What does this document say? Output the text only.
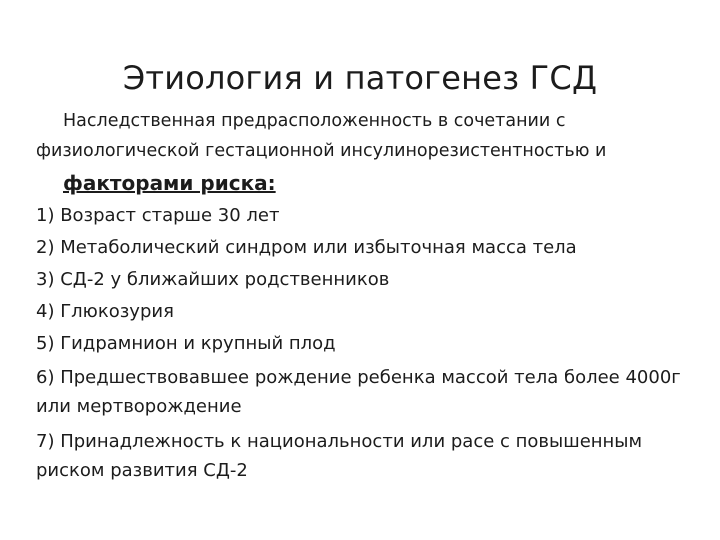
Этиология и патогенез ГСД
Наследственная предрасположенность в сочетании с
физиологической гестационной инсулинорезистентностью и
факторами риска:
1) Возраст старше 30 лет
2) Метаболический синдром или избыточная масса тела
3) СД-2 у ближайших родственников
4) Глюкозурия
5) Гидрамнион и крупный плод
6) Предшествовавшее рождение ребенка массой тела более 4000г или мертворождение
7) Принадлежность к национальности или расе с повышенным риском развития СД-2
